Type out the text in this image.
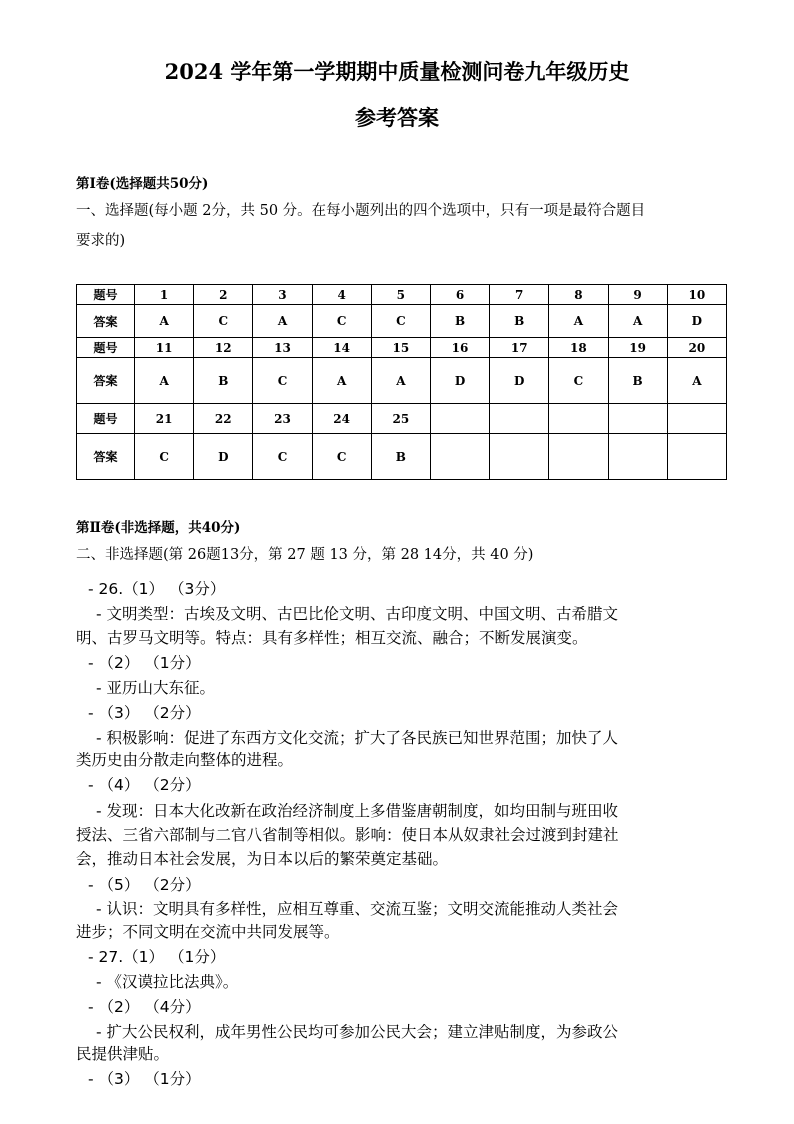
2024 学年第一学期期中质量检测问卷九年级历史
参考答案
第Ⅰ卷(选择题共50分)
一、选择题(每小题 2分，共 50 分。在每小题列出的四个选项中，只有一项是最符合题目
要求的)
题号	1	2	3	4	5	6	7	8	9	10
答案	A	C	A	C	C	B	B	A	A	D
题号	11	12	13	14	15	16	17	18	19	20
答案	A	B	C	A	A	D	D	C	B	A
题号	21	22	23	24	25					
答案	C	D	C	C	B					
第Ⅱ卷(非选择题，共40分)
二、非选择题(第 26题13分，第 27 题 13 分，第 28 14分，共 40 分)
- 26.（1） （3分）
- 文明类型：古埃及文明、古巴比伦文明、古印度文明、中国文明、古希腊文
明、古罗马文明等。特点：具有多样性；相互交流、融合；不断发展演变。
- （2） （1分）
- 亚历山大东征。
- （3） （2分）
- 积极影响：促进了东西方文化交流；扩大了各民族已知世界范围；加快了人
类历史由分散走向整体的进程。
- （4） （2分）
- 发现：日本大化改新在政治经济制度上多借鉴唐朝制度，如均田制与班田收
授法、三省六部制与二官八省制等相似。影响：使日本从奴隶社会过渡到封建社
会，推动日本社会发展，为日本以后的繁荣奠定基础。
- （5） （2分）
- 认识：文明具有多样性，应相互尊重、交流互鉴；文明交流能推动人类社会
进步；不同文明在交流中共同发展等。
- 27.（1） （1分）
- 《汉谟拉比法典》。
- （2） （4分）
- 扩大公民权利，成年男性公民均可参加公民大会；建立津贴制度，为参政公
民提供津贴。
- （3） （1分）
